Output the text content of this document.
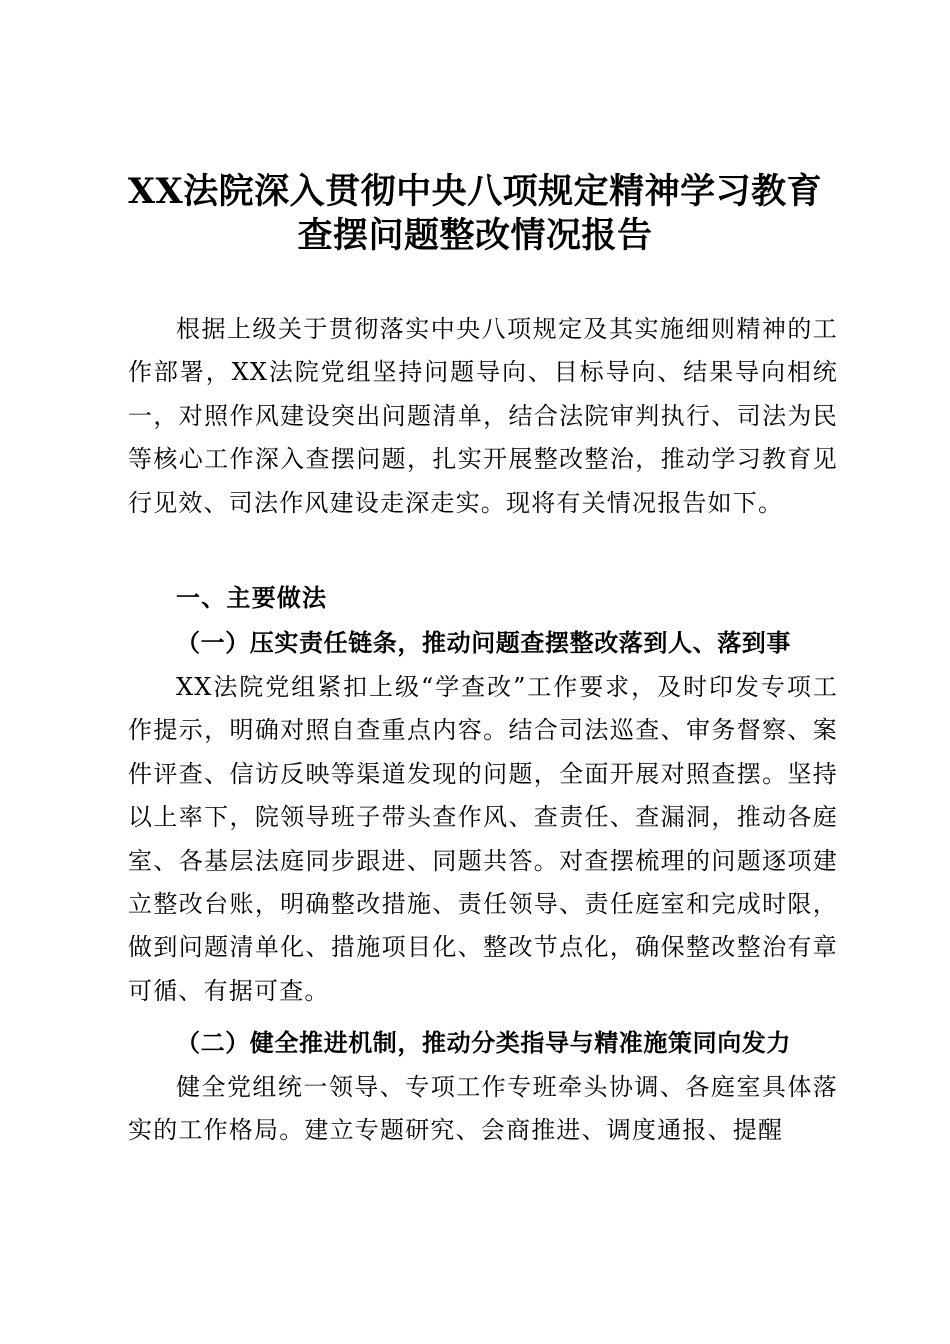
XX法院深入贯彻中央八项规定精神学习教育
查摆问题整改情况报告

根据上级关于贯彻落实中央八项规定及其实施细则精神的工作部署，XX法院党组坚持问题导向、目标导向、结果导向相统一，对照作风建设突出问题清单，结合法院审判执行、司法为民等核心工作深入查摆问题，扎实开展整改整治，推动学习教育见行见效、司法作风建设走深走实。现将有关情况报告如下。

一、主要做法
（一）压实责任链条，推动问题查摆整改落到人、落到事

XX法院党组紧扣上级“学查改”工作要求，及时印发专项工作提示，明确对照自查重点内容。结合司法巡查、审务督察、案件评查、信访反映等渠道发现的问题，全面开展对照查摆。坚持以上率下，院领导班子带头查作风、查责任、查漏洞，推动各庭室、各基层法庭同步跟进、同题共答。对查摆梳理的问题逐项建立整改台账，明确整改措施、责任领导、责任庭室和完成时限，做到问题清单化、措施项目化、整改节点化，确保整改整治有章可循、有据可查。

（二）健全推进机制，推动分类指导与精准施策同向发力

健全党组统一领导、专项工作专班牵头协调、各庭室具体落实的工作格局。建立专题研究、会商推进、调度通报、提醒
